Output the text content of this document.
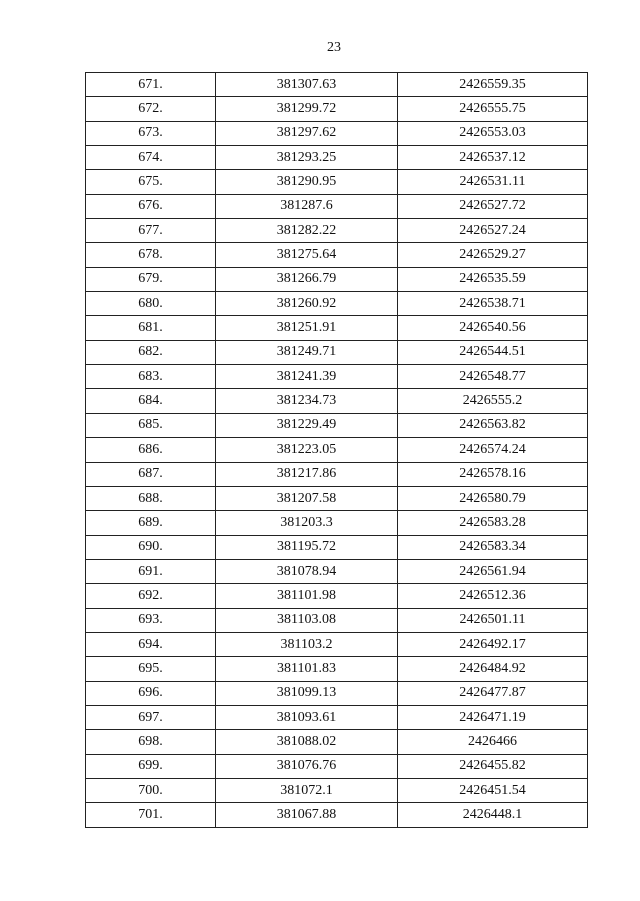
23
671.	381307.63	2426559.35
672.	381299.72	2426555.75
673.	381297.62	2426553.03
674.	381293.25	2426537.12
675.	381290.95	2426531.11
676.	381287.6	2426527.72
677.	381282.22	2426527.24
678.	381275.64	2426529.27
679.	381266.79	2426535.59
680.	381260.92	2426538.71
681.	381251.91	2426540.56
682.	381249.71	2426544.51
683.	381241.39	2426548.77
684.	381234.73	2426555.2
685.	381229.49	2426563.82
686.	381223.05	2426574.24
687.	381217.86	2426578.16
688.	381207.58	2426580.79
689.	381203.3	2426583.28
690.	381195.72	2426583.34
691.	381078.94	2426561.94
692.	381101.98	2426512.36
693.	381103.08	2426501.11
694.	381103.2	2426492.17
695.	381101.83	2426484.92
696.	381099.13	2426477.87
697.	381093.61	2426471.19
698.	381088.02	2426466
699.	381076.76	2426455.82
700.	381072.1	2426451.54
701.	381067.88	2426448.1
